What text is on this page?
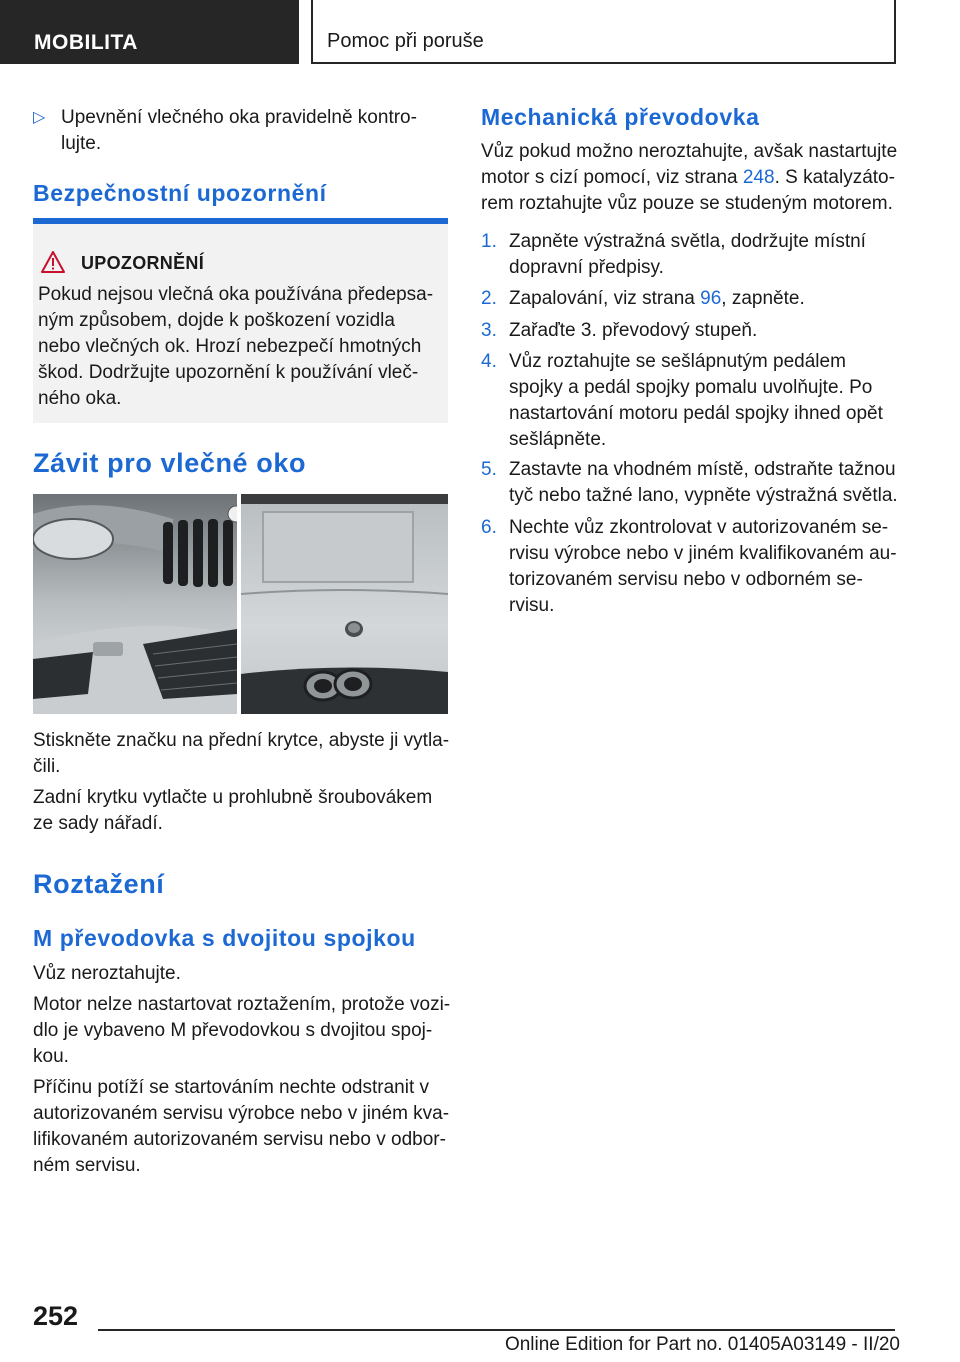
MOBILITA	Pomoc při poruše
▷ Upevnění vlečného oka pravidelně kontro‐
lujte.
Bezpečnostní upozornění
UPOZORNĚNÍ
Pokud nejsou vlečná oka používána předepsa‐
ným způsobem, dojde k poškození vozidla
nebo vlečných ok. Hrozí nebezpečí hmotných
škod. Dodržujte upozornění k používání vleč‐
ného oka.
Závit pro vlečné oko
Stiskněte značku na přední krytce, abyste ji vytla‐
čili.
Zadní krytku vytlačte u prohlubně šroubovákem
ze sady nářadí.
Roztažení
M převodovka s dvojitou spojkou
Vůz neroztahujte.
Motor nelze nastartovat roztažením, protože vozi‐
dlo je vybaveno M převodovkou s dvojitou spoj‐
kou.
Příčinu potíží se startováním nechte odstranit v
autorizovaném servisu výrobce nebo v jiném kva‐
lifikovaném autorizovaném servisu nebo v odbor‐
ném servisu.
Mechanická převodovka
Vůz pokud možno neroztahujte, avšak nastartujte
motor s cizí pomocí, viz strana 248. S katalyzáto‐
rem roztahujte vůz pouze se studeným motorem.
1. Zapněte výstražná světla, dodržujte místní
dopravní předpisy.
2. Zapalování, viz strana 96, zapněte.
3. Zařaďte 3. převodový stupeň.
4. Vůz roztahujte se sešlápnutým pedálem
spojky a pedál spojky pomalu uvolňujte. Po
nastartování motoru pedál spojky ihned opět
sešlápněte.
5. Zastavte na vhodném místě, odstraňte tažnou
tyč nebo tažné lano, vypněte výstražná světla.
6. Nechte vůz zkontrolovat v autorizovaném se‐
rvisu výrobce nebo v jiném kvalifikovaném au‐
torizovaném servisu nebo v odborném se‐
rvisu.
252
Online Edition for Part no. 01405A03149 - II/20
